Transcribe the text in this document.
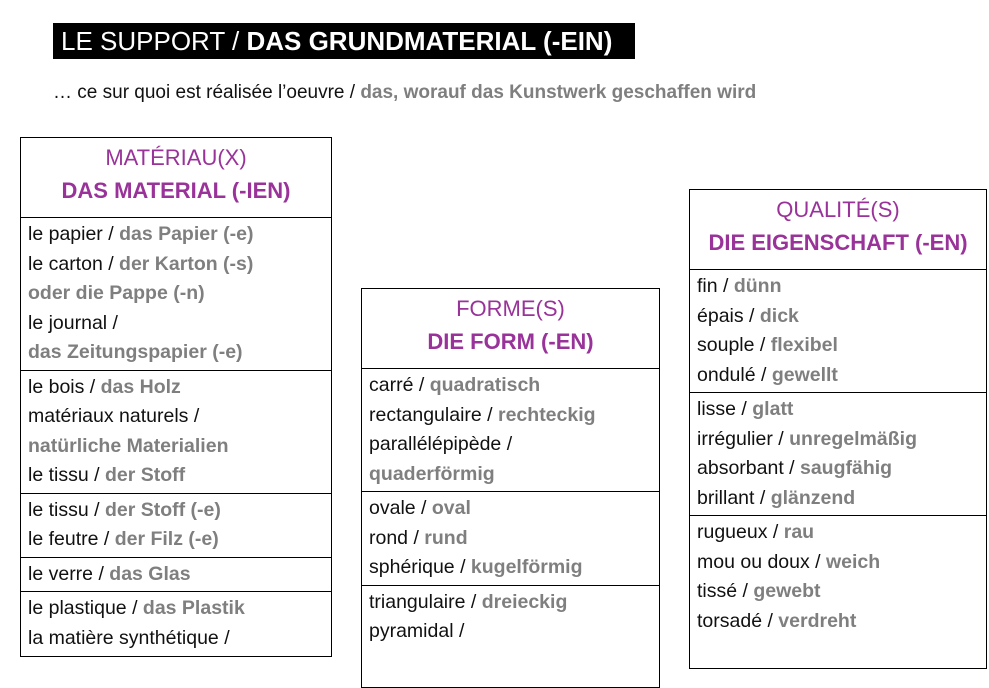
LE SUPPORT / DAS GRUNDMATERIAL (-EIN)
… ce sur quoi est réalisée l’oeuvre / das, worauf das Kunstwerk geschaffen wird
MATÉRIAU(X)
DAS MATERIAL (-IEN)
le papier / das Papier (-e)
le carton / der Karton (-s)
oder die Pappe (-n)
le journal /
das Zeitungspapier (-e)
le bois / das Holz
matériaux naturels /
natürliche Materialien
le tissu / der Stoff
le tissu / der Stoff (-e)
le feutre / der Filz (-e)
le verre / das Glas
le plastique / das Plastik
la matière synthétique /
FORME(S)
DIE FORM (-EN)
carré / quadratisch
rectangulaire / rechteckig
parallélépipède /
quaderförmig
ovale / oval
rond / rund
sphérique / kugelförmig
triangulaire / dreieckig
pyramidal /
QUALITÉ(S)
DIE EIGENSCHAFT (-EN)
fin / dünn
épais / dick
souple / flexibel
ondulé / gewellt
lisse / glatt
irrégulier / unregelmäßig
absorbant / saugfähig
brillant / glänzend
rugueux / rau
mou ou doux / weich
tissé / gewebt
torsadé / verdreht
